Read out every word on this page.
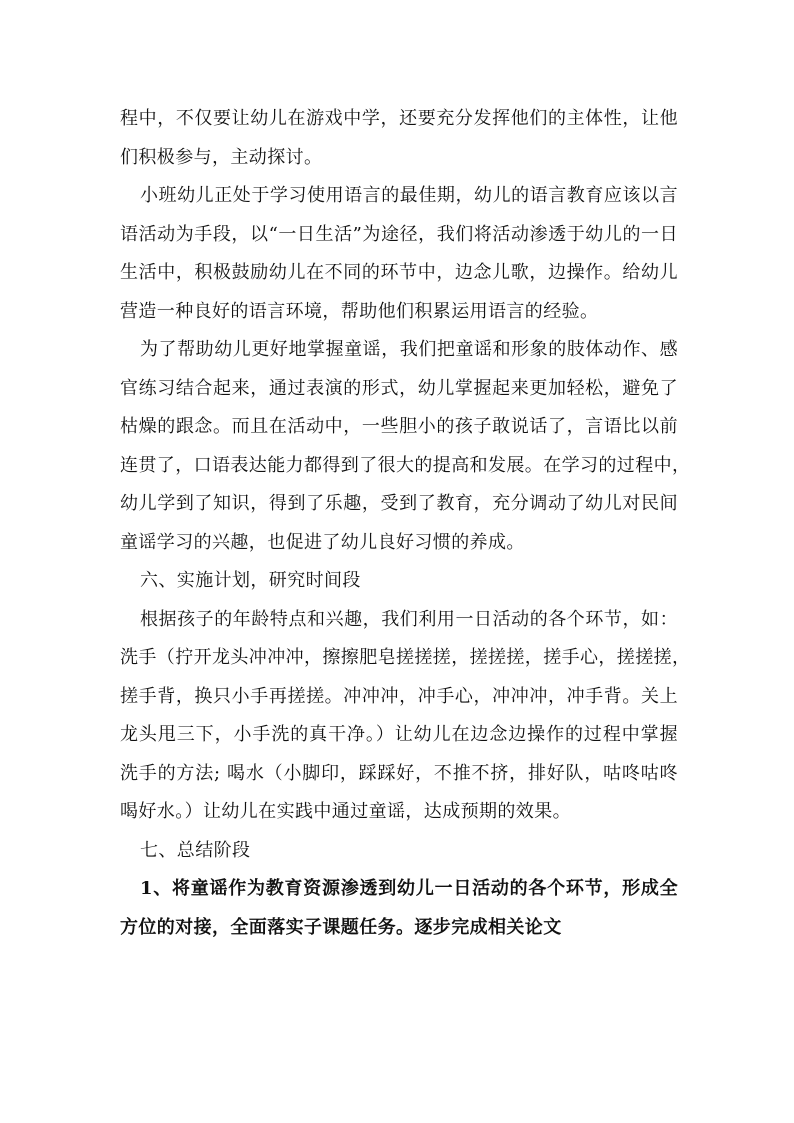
程中，不仅要让幼儿在游戏中学，还要充分发挥他们的主体性，让他
们积极参与，主动探讨。
小班幼儿正处于学习使用语言的最佳期，幼儿的语言教育应该以言
语活动为手段，以“一日生活”为途径，我们将活动渗透于幼儿的一日
生活中，积极鼓励幼儿在不同的环节中，边念儿歌，边操作。给幼儿
营造一种良好的语言环境，帮助他们积累运用语言的经验。
为了帮助幼儿更好地掌握童谣，我们把童谣和形象的肢体动作、感
官练习结合起来，通过表演的形式，幼儿掌握起来更加轻松，避免了
枯燥的跟念。而且在活动中，一些胆小的孩子敢说话了，言语比以前
连贯了，口语表达能力都得到了很大的提高和发展。在学习的过程中，
幼儿学到了知识，得到了乐趣，受到了教育，充分调动了幼儿对民间
童谣学习的兴趣，也促进了幼儿良好习惯的养成。
六、实施计划，研究时间段
根据孩子的年龄特点和兴趣，我们利用一日活动的各个环节，如：
洗手（拧开龙头冲冲冲，擦擦肥皂搓搓搓，搓搓搓，搓手心，搓搓搓，
搓手背，换只小手再搓搓。冲冲冲，冲手心，冲冲冲，冲手背。关上
龙头甩三下，小手洗的真干净。）让幼儿在边念边操作的过程中掌握
洗手的方法; 喝水（小脚印，踩踩好，不推不挤，排好队，咕咚咕咚
喝好水。）让幼儿在实践中通过童谣，达成预期的效果。
七、总结阶段
1、将童谣作为教育资源渗透到幼儿一日活动的各个环节，形成全
方位的对接，全面落实子课题任务。逐步完成相关论文
